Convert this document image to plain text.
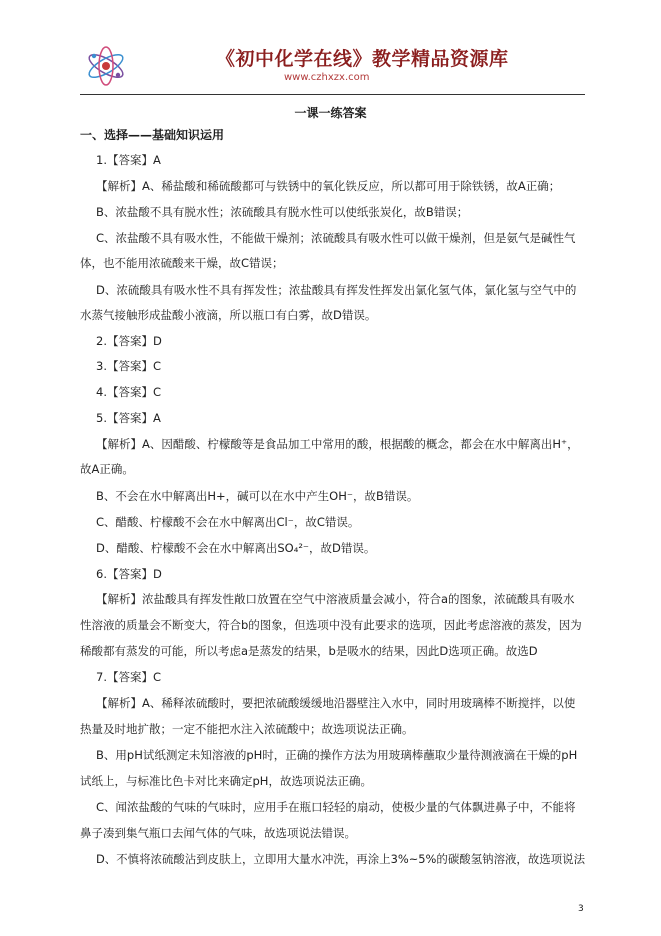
《初中化学在线》教学精品资源库
www.czhxzx.com
一课一练答案
一、选择——基础知识运用
1.【答案】A
【解析】A、稀盐酸和稀硫酸都可与铁锈中的氧化铁反应，所以都可用于除铁锈，故A正确；
B、浓盐酸不具有脱水性；浓硫酸具有脱水性可以使纸张炭化，故B错误；
C、浓盐酸不具有吸水性，不能做干燥剂；浓硫酸具有吸水性可以做干燥剂，但是氨气是碱性气
体，也不能用浓硫酸来干燥，故C错误；
D、浓硫酸具有吸水性不具有挥发性；浓盐酸具有挥发性挥发出氯化氢气体，氯化氢与空气中的
水蒸气接触形成盐酸小液滴，所以瓶口有白雾，故D错误。
2.【答案】D
3.【答案】C
4.【答案】C
5.【答案】A
【解析】A、因醋酸、柠檬酸等是食品加工中常用的酸，根据酸的概念，都会在水中解离出H⁺，
故A正确。
B、不会在水中解离出H+，碱可以在水中产生OH⁻，故B错误。
C、醋酸、柠檬酸不会在水中解离出Cl⁻，故C错误。
D、醋酸、柠檬酸不会在水中解离出SO₄²⁻，故D错误。
6.【答案】D
【解析】浓盐酸具有挥发性敞口放置在空气中溶液质量会减小，符合a的图象，浓硫酸具有吸水
性溶液的质量会不断变大，符合b的图象，但选项中没有此要求的选项，因此考虑溶液的蒸发，因为
稀酸都有蒸发的可能，所以考虑a是蒸发的结果，b是吸水的结果，因此D选项正确。故选D
7.【答案】C
【解析】A、稀释浓硫酸时，要把浓硫酸缓缓地沿器壁注入水中，同时用玻璃棒不断搅拌，以使
热量及时地扩散；一定不能把水注入浓硫酸中；故选项说法正确。
B、用pH试纸测定未知溶液的pH时，正确的操作方法为用玻璃棒蘸取少量待测液滴在干燥的pH
试纸上，与标准比色卡对比来确定pH，故选项说法正确。
C、闻浓盐酸的气味的气味时，应用手在瓶口轻轻的扇动，使极少量的气体飘进鼻子中，不能将
鼻子凑到集气瓶口去闻气体的气味，故选项说法错误。
D、不慎将浓硫酸沾到皮肤上，立即用大量水冲洗，再涂上3%~5%的碳酸氢钠溶液，故选项说法
3
